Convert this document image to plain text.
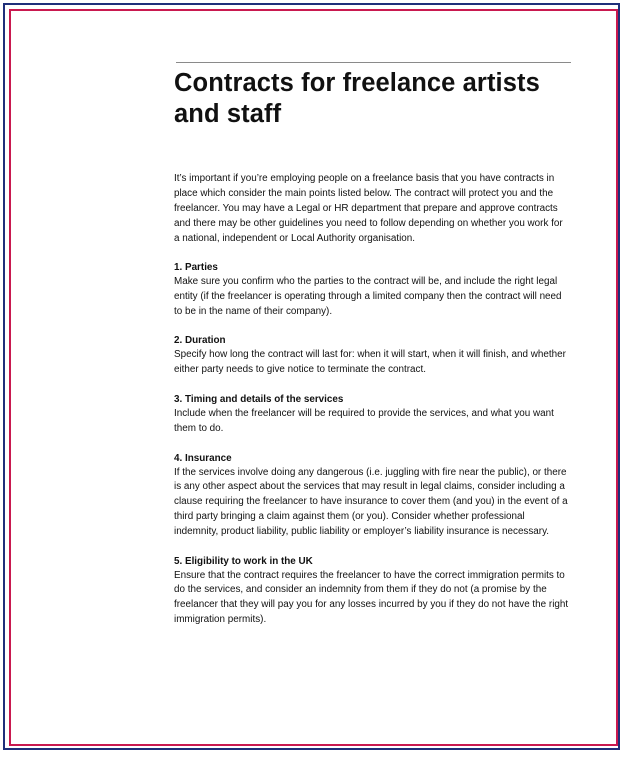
Contracts for freelance artists and staff
It’s important if you’re employing people on a freelance basis that you have contracts in place which consider the main points listed below. The contract will protect you and the freelancer. You may have a Legal or HR department that prepare and approve contracts and there may be other guidelines you need to follow depending on whether you work for a national, independent or Local Authority organisation.
1. Parties
Make sure you confirm who the parties to the contract will be, and include the right legal entity (if the freelancer is operating through a limited company then the contract will need to be in the name of their company).
2. Duration
Specify how long the contract will last for: when it will start, when it will finish, and whether either party needs to give notice to terminate the contract.
3. Timing and details of the services
Include when the freelancer will be required to provide the services, and what you want them to do.
4. Insurance
If the services involve doing any dangerous (i.e. juggling with fire near the public), or there is any other aspect about the services that may result in legal claims, consider including a clause requiring the freelancer to have insurance to cover them (and you) in the event of a third party bringing a claim against them (or you). Consider whether professional indemnity, product liability, public liability or employer’s liability insurance is necessary.
5. Eligibility to work in the UK
Ensure that the contract requires the freelancer to have the correct immigration permits to do the services, and consider an indemnity from them if they do not (a promise by the freelancer that they will pay you for any losses incurred by you if they do not have the right immigration permits).
